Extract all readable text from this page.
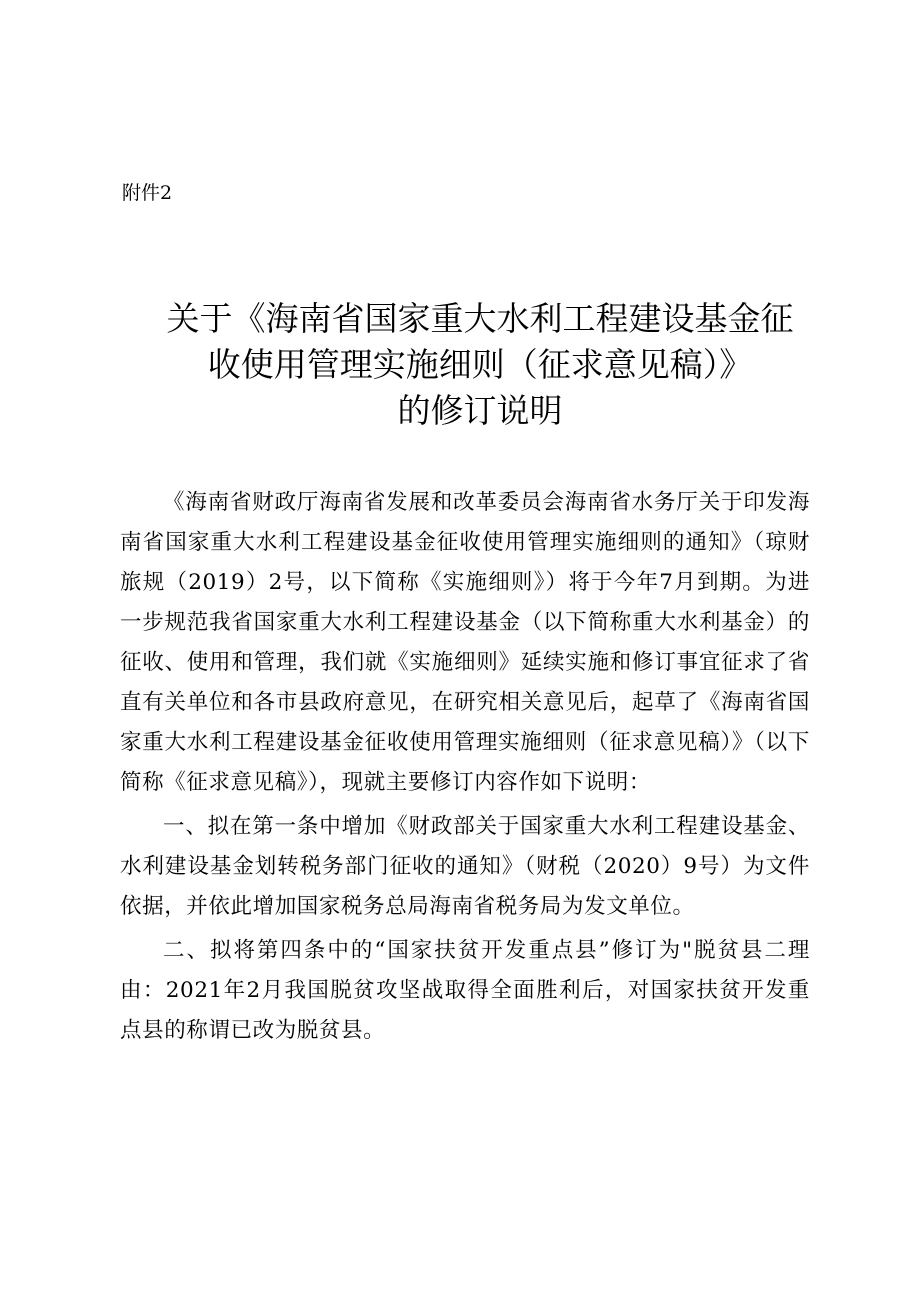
附件2
关于《海南省国家重大水利工程建设基金征
收使用管理实施细则（征求意见稿）》
的修订说明

《海南省财政厅海南省发展和改革委员会海南省水务厅关于印发海南省国家重大水利工程建设基金征收使用管理实施细则的通知》（琼财旅规（2019）2号，以下简称《实施细则》）将于今年7月到期。为进一步规范我省国家重大水利工程建设基金（以下简称重大水利基金）的征收、使用和管理，我们就《实施细则》延续实施和修订事宜征求了省直有关单位和各市县政府意见，在研究相关意见后，起草了《海南省国家重大水利工程建设基金征收使用管理实施细则（征求意见稿）》（以下简称《征求意见稿》），现就主要修订内容作如下说明：

一、拟在第一条中增加《财政部关于国家重大水利工程建设基金、水利建设基金划转税务部门征收的通知》（财税（2020）9号）为文件依据，并依此增加国家税务总局海南省税务局为发文单位。

二、拟将第四条中的“国家扶贫开发重点县”修订为"脱贫县二理由：2021年2月我国脱贫攻坚战取得全面胜利后，对国家扶贫开发重点县的称谓已改为脱贫县。
